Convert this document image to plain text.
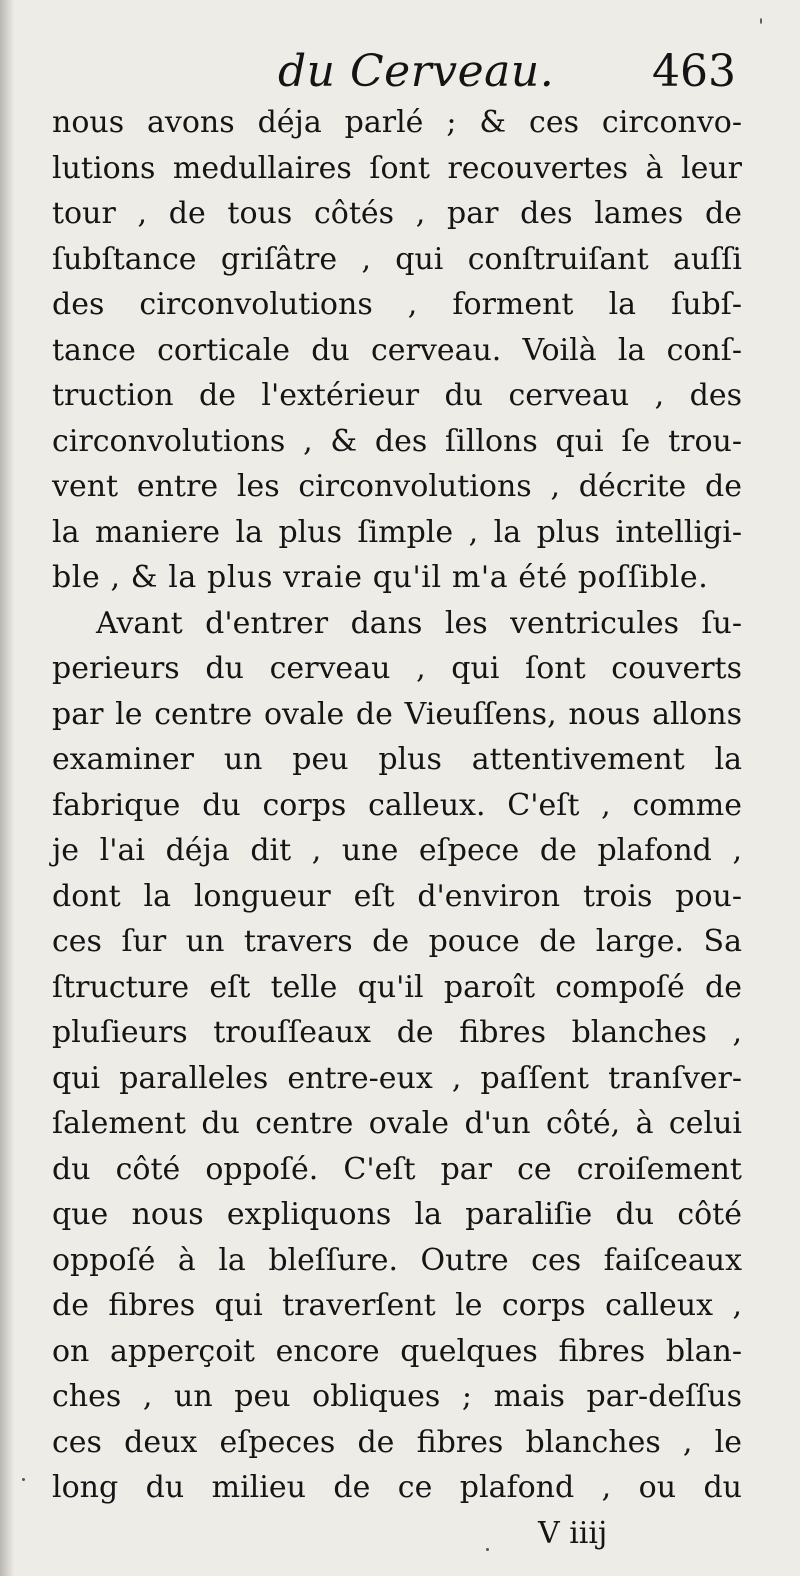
du Cerveau. 463
nous avons déja parlé ; & ces circonvo-
lutions medullaires ſont recouvertes à leur
tour , de tous côtés , par des lames de
ſubſtance griſâtre , qui conſtruiſant auſſi
des circonvolutions , forment la ſubſ-
tance corticale du cerveau. Voilà la conſ-
truction de l'extérieur du cerveau , des
circonvolutions , & des ſillons qui ſe trou-
vent entre les circonvolutions , décrite de
la maniere la plus ſimple , la plus intelligi-
ble , & la plus vraie qu'il m'a été poſſible.
Avant d'entrer dans les ventricules ſu-
perieurs du cerveau , qui ſont couverts
par le centre ovale de Vieuſſens, nous allons
examiner un peu plus attentivement la
fabrique du corps calleux. C'eſt , comme
je l'ai déja dit , une eſpece de plafond ,
dont la longueur eſt d'environ trois pou-
ces ſur un travers de pouce de large. Sa
ſtructure eſt telle qu'il paroît compoſé de
pluſieurs trouſſeaux de fibres blanches ,
qui paralleles entre-eux , paſſent tranſver-
ſalement du centre ovale d'un côté, à celui
du côté oppoſé. C'eſt par ce croiſement
que nous expliquons la paraliſie du côté
oppoſé à la bleſſure. Outre ces faiſceaux
de fibres qui traverſent le corps calleux ,
on apperçoit encore quelques fibres blan-
ches , un peu obliques ; mais par-deſſus
ces deux eſpeces de fibres blanches , le
long du milieu de ce plafond , ou du
V iiij
